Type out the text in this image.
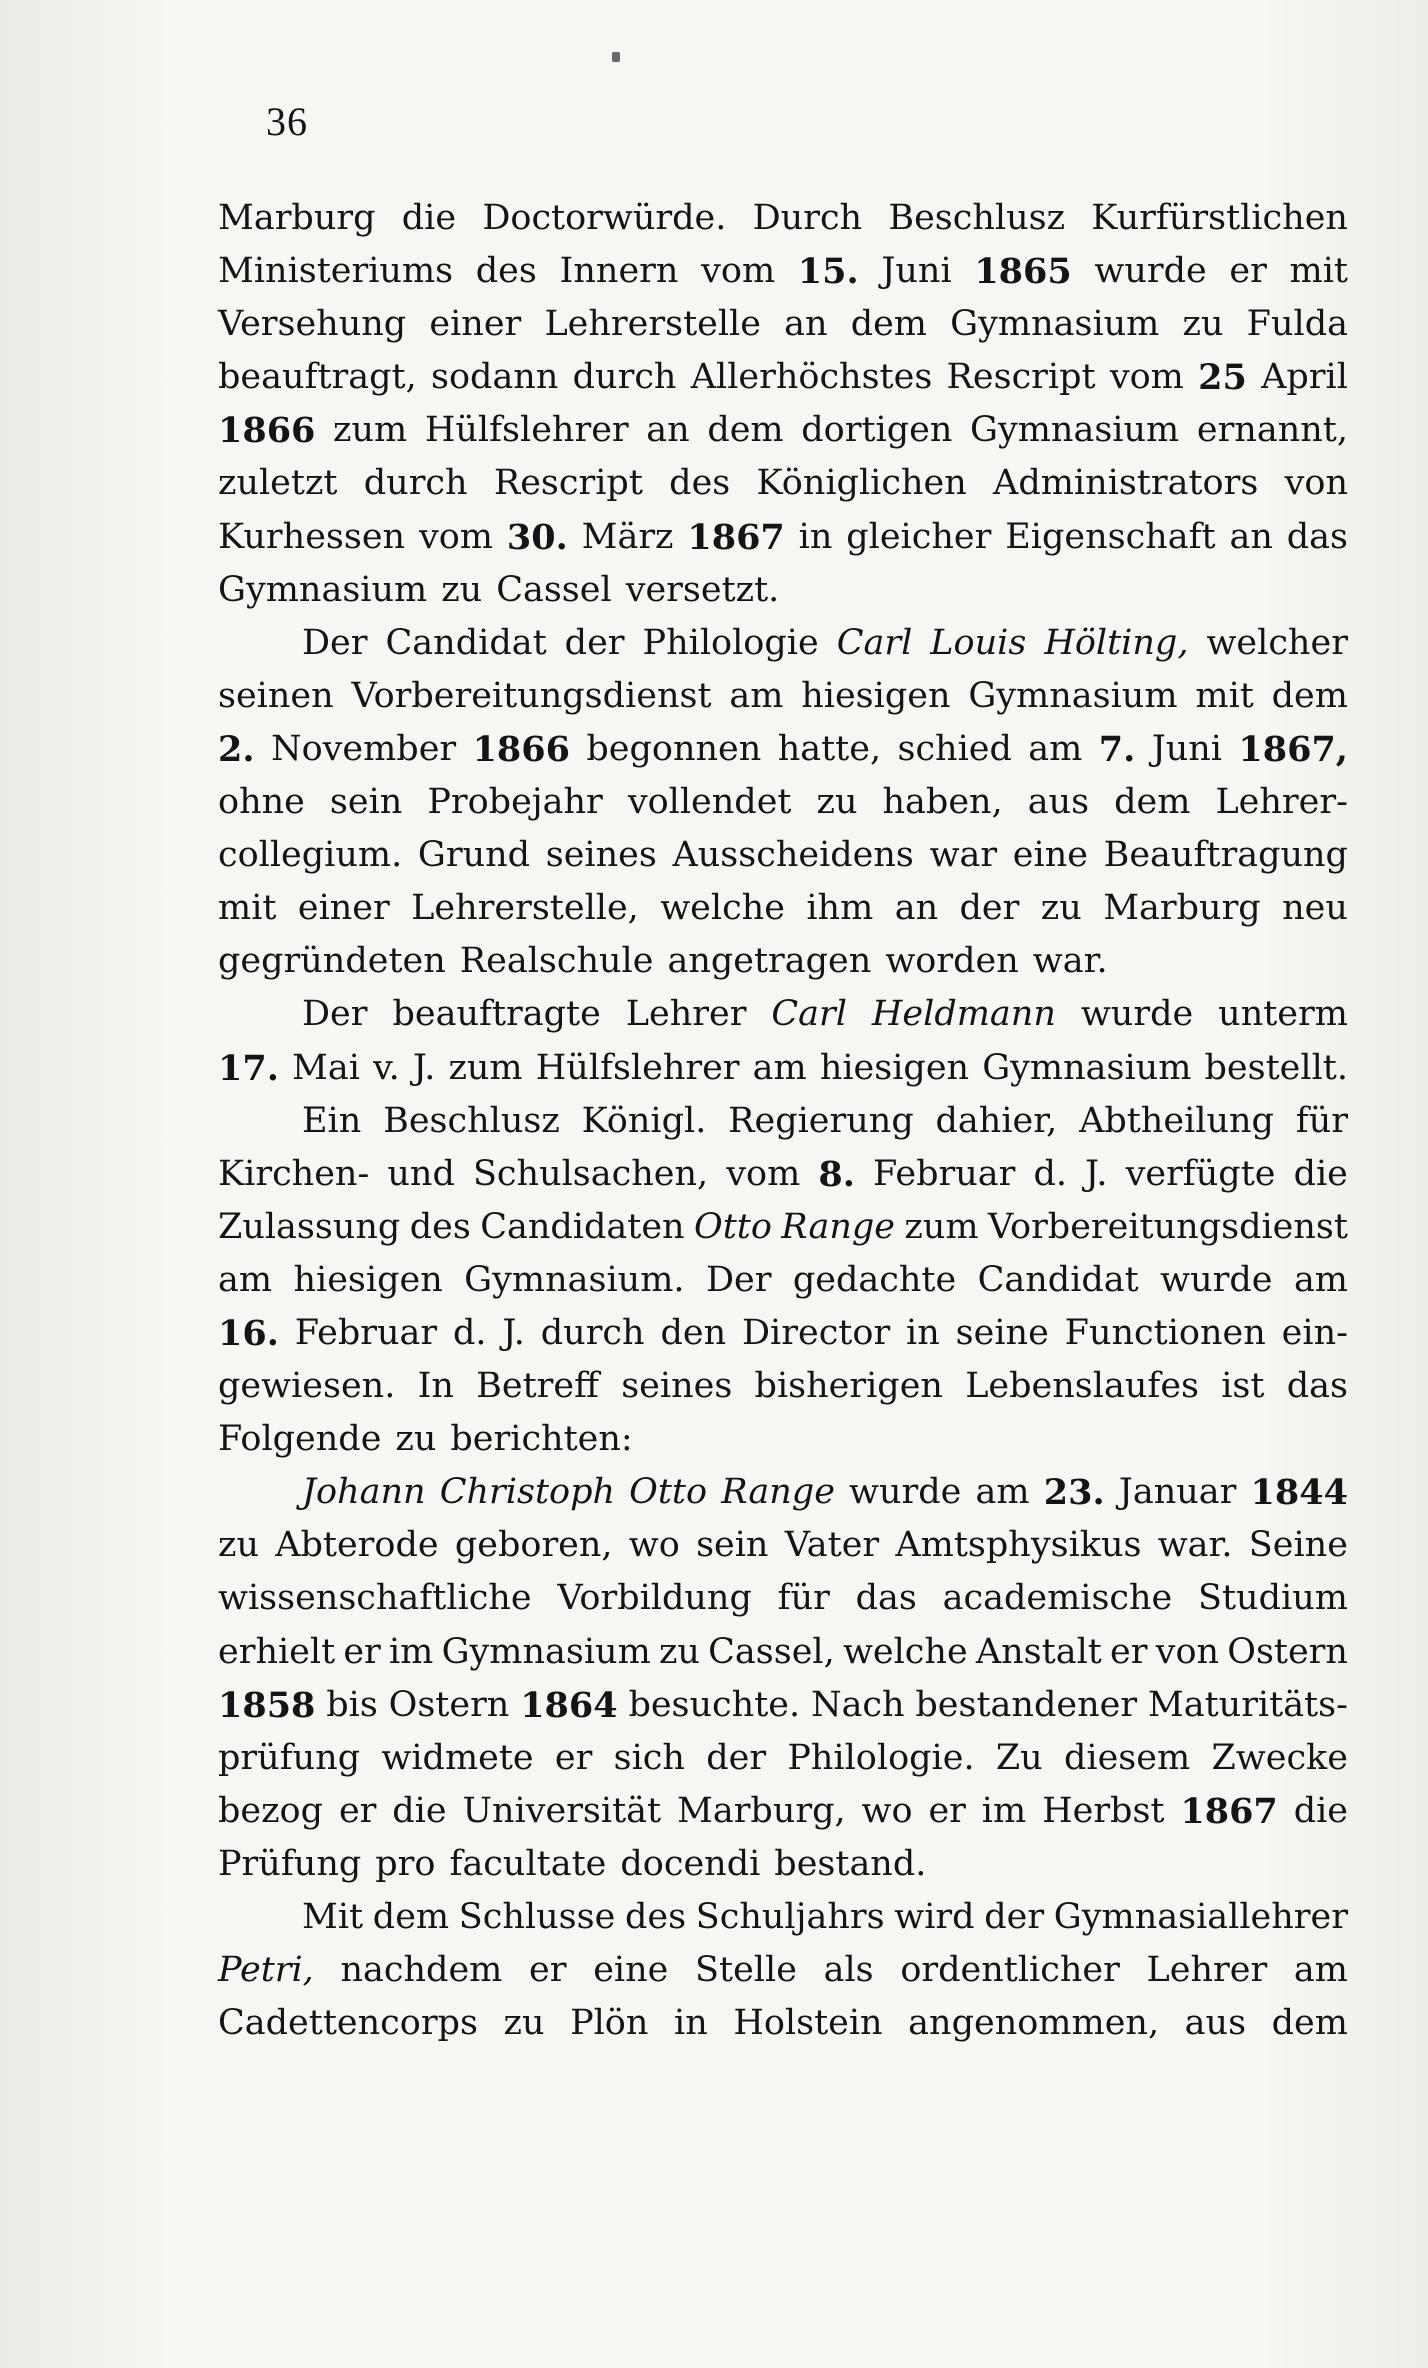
36
Marburg die Doctorwürde. Durch Beschlusz Kurfürstlichen
Ministeriums des Innern vom 15. Juni 1865 wurde er mit
Versehung einer Lehrerstelle an dem Gymnasium zu Fulda
beauftragt, sodann durch Allerhöchstes Rescript vom 25 April
1866 zum Hülfslehrer an dem dortigen Gymnasium ernannt,
zuletzt durch Rescript des Königlichen Administrators von
Kurhessen vom 30. März 1867 in gleicher Eigenschaft an das
Gymnasium zu Cassel versetzt.
Der Candidat der Philologie Carl Louis Hölting, welcher
seinen Vorbereitungsdienst am hiesigen Gymnasium mit dem
2. November 1866 begonnen hatte, schied am 7. Juni 1867,
ohne sein Probejahr vollendet zu haben, aus dem Lehrer-
collegium. Grund seines Ausscheidens war eine Beauftragung
mit einer Lehrerstelle, welche ihm an der zu Marburg neu
gegründeten Realschule angetragen worden war.
Der beauftragte Lehrer Carl Heldmann wurde unterm
17. Mai v. J. zum Hülfslehrer am hiesigen Gymnasium bestellt.
Ein Beschlusz Königl. Regierung dahier, Abtheilung für
Kirchen- und Schulsachen, vom 8. Februar d. J. verfügte die
Zulassung des Candidaten Otto Range zum Vorbereitungsdienst
am hiesigen Gymnasium. Der gedachte Candidat wurde am
16. Februar d. J. durch den Director in seine Functionen ein-
gewiesen. In Betreff seines bisherigen Lebenslaufes ist das
Folgende zu berichten:
Johann Christoph Otto Range wurde am 23. Januar 1844
zu Abterode geboren, wo sein Vater Amtsphysikus war. Seine
wissenschaftliche Vorbildung für das academische Studium
erhielt er im Gymnasium zu Cassel, welche Anstalt er von Ostern
1858 bis Ostern 1864 besuchte. Nach bestandener Maturitäts-
prüfung widmete er sich der Philologie. Zu diesem Zwecke
bezog er die Universität Marburg, wo er im Herbst 1867 die
Prüfung pro facultate docendi bestand.
Mit dem Schlusse des Schuljahrs wird der Gymnasiallehrer
Petri, nachdem er eine Stelle als ordentlicher Lehrer am
Cadettencorps zu Plön in Holstein angenommen, aus dem
